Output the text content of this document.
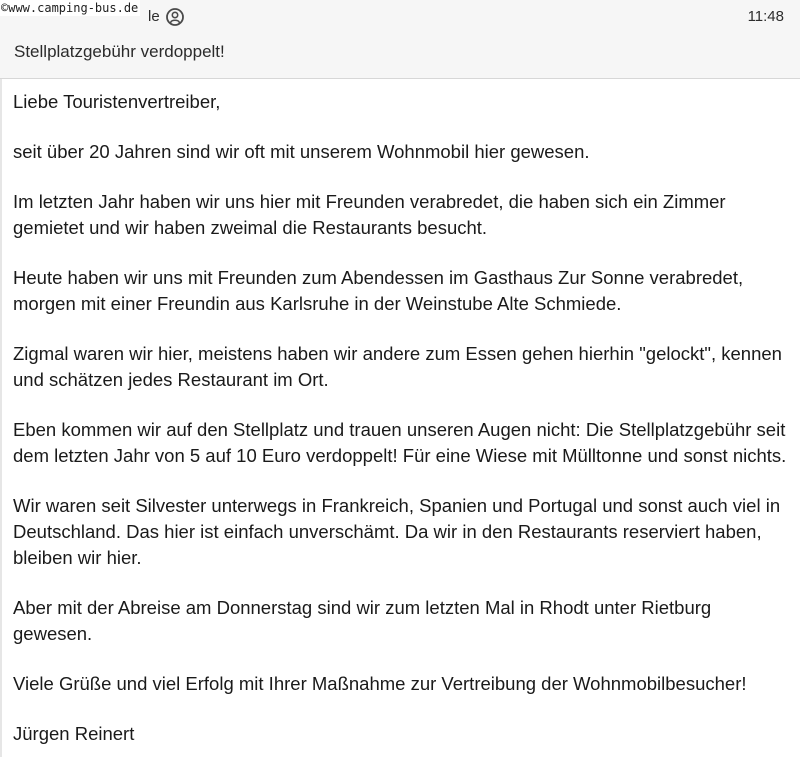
le	11:48
Stellplatzgebühr verdoppelt!
©www.camping-bus.de

Liebe Touristenvertreiber,

seit über 20 Jahren sind wir oft mit unserem Wohnmobil hier gewesen.

Im letzten Jahr haben wir uns hier mit Freunden verabredet, die haben sich ein Zimmer gemietet und wir haben zweimal die Restaurants besucht.

Heute haben wir uns mit Freunden zum Abendessen im Gasthaus Zur Sonne verabredet, morgen mit einer Freundin aus Karlsruhe in der Weinstube Alte Schmiede.

Zigmal waren wir hier, meistens haben wir andere zum Essen gehen hierhin "gelockt", kennen und schätzen jedes Restaurant im Ort.

Eben kommen wir auf den Stellplatz und trauen unseren Augen nicht: Die Stellplatzgebühr seit dem letzten Jahr von 5 auf 10 Euro verdoppelt! Für eine Wiese mit Mülltonne und sonst nichts.

Wir waren seit Silvester unterwegs in Frankreich, Spanien und Portugal und sonst auch viel in Deutschland. Das hier ist einfach unverschämt. Da wir in den Restaurants reserviert haben, bleiben wir hier.

Aber mit der Abreise am Donnerstag sind wir zum letzten Mal in Rhodt unter Rietburg gewesen.

Viele Grüße und viel Erfolg mit Ihrer Maßnahme zur Vertreibung der Wohnmobilbesucher!

Jürgen Reinert
